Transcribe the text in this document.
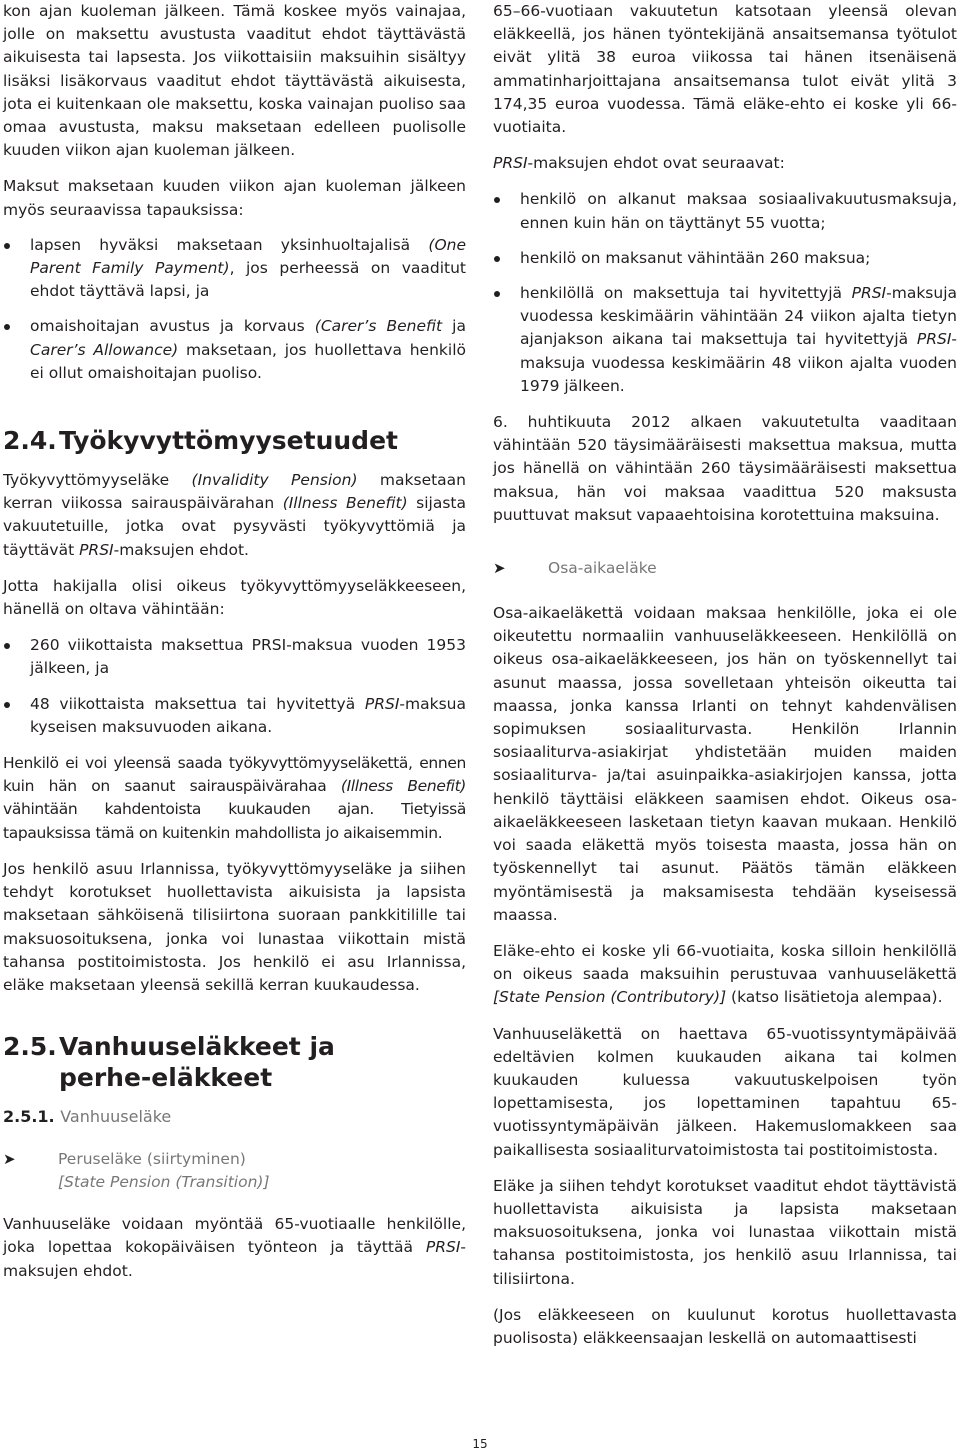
kon ajan kuoleman jälkeen. Tämä koskee myös vainajaa, jolle on maksettu avustusta vaaditut ehdot täyttävästä aikuisesta tai lapsesta. Jos viikottaisiin maksuihin sisältyy lisäksi lisäkorvaus vaaditut ehdot täyttävästä aikuisesta, jota ei kuitenkaan ole maksettu, koska vainajan puoliso saa omaa avustusta, maksu maksetaan edelleen puolisolle kuuden viikon ajan kuoleman jälkeen.

Maksut maksetaan kuuden viikon ajan kuoleman jälkeen myös seuraavissa tapauksissa:

lapsen hyväksi maksetaan yksinhuoltajalisä (One Parent Family Payment), jos perheessä on vaaditut ehdot täyttävä lapsi, ja
omaishoitajan avustus ja korvaus (Carer’s Benefit ja Carer’s Allowance) maksetaan, jos huollettava henkilö ei ollut omaishoitajan puoliso.
2.4.Työkyvyttömyysetuudet

Työkyvyttömyyseläke (Invalidity Pension) maksetaan kerran viikossa sairauspäivärahan (Illness Benefit) sijasta vakuutetuille, jotka ovat pysyvästi työkyvyttömiä ja täyttävät PRSI-maksujen ehdot.

Jotta hakijalla olisi oikeus työkyvyttömyyseläkkeeseen, hänellä on oltava vähintään:

260 viikottaista maksettua PRSI-maksua vuoden 1953 jälkeen, ja
48 viikottaista maksettua tai hyvitettyä PRSI-maksua kyseisen maksuvuoden aikana.

Henkilö ei voi yleensä saada työkyvyttömyyseläkettä, ennen kuin hän on saanut sairauspäivärahaa (Illness Benefit) vähintään kahdentoista kuukauden ajan. Tietyissä tapauksissa tämä on kuitenkin mahdollista jo aikaisemmin.

Jos henkilö asuu Irlannissa, työkyvyttömyyseläke ja siihen tehdyt korotukset huollettavista aikuisista ja lapsista maksetaan sähköisenä tilisiirtona suoraan pankkitilille tai maksuosoituksena, jonka voi lunastaa viikottain mistä tahansa postitoimistosta. Jos henkilö ei asu Irlannissa, eläke maksetaan yleensä sekillä kerran kuukaudessa.

2.5. Vanhuuseläkkeet ja perhe-eläkkeet
2.5.1. Vanhuuseläke
➤	Peruseläke (siirtyminen)
[State Pension (Transition)]

Vanhuuseläke voidaan myöntää 65-vuotiaalle henkilölle, joka lopettaa kokopäiväisen työnteon ja täyttää PRSI-maksujen ehdot.

65–66-vuotiaan vakuutetun katsotaan yleensä olevan eläkkeellä, jos hänen työntekijänä ansaitsemansa työtulot eivät ylitä 38 euroa viikossa tai hänen itsenäisenä ammatinharjoittajana ansaitsemansa tulot eivät ylitä 3 174,35 euroa vuodessa. Tämä eläke-ehto ei koske yli 66-vuotiaita.

PRSI-maksujen ehdot ovat seuraavat:

henkilö on alkanut maksaa sosiaalivakuutusmaksuja, ennen kuin hän on täyttänyt 55 vuotta;
henkilö on maksanut vähintään 260 maksua;
henkilöllä on maksettuja tai hyvitettyjä PRSI-maksuja vuodessa keskimäärin vähintään 24 viikon ajalta tietyn ajanjakson aikana tai maksettuja tai hyvitettyjä PRSI-maksuja vuodessa keskimäärin 48 viikon ajalta vuoden 1979 jälkeen.

6. huhtikuuta 2012 alkaen vakuutetulta vaaditaan vähintään 520 täysimääräisesti maksettua maksua, mutta jos hänellä on vähintään 260 täysimääräisesti maksettua maksua, hän voi maksaa vaadittua 520 maksusta puuttuvat maksut vapaaehtoisina korotettuina maksuina.

➤	Osa-aikaeläke

Osa-aikaeläkettä voidaan maksaa henkilölle, joka ei ole oikeutettu normaaliin vanhuuseläkkeeseen. Henkilöllä on oikeus osa-aikaeläkkeeseen, jos hän on työskennellyt tai asunut maassa, jossa sovelletaan yhteisön oikeutta tai maassa, jonka kanssa Irlanti on tehnyt kahdenvälisen sopimuksen sosiaaliturvasta. Henkilön Irlannin sosiaaliturva-asiakirjat yhdistetään muiden maiden sosiaaliturva- ja/tai asuinpaikka-asiakirjojen kanssa, jotta henkilö täyttäisi eläkkeen saamisen ehdot. Oikeus osa-aikaeläkkeeseen lasketaan tietyn kaavan mukaan. Henkilö voi saada eläkettä myös toisesta maasta, jossa hän on työskennellyt tai asunut. Päätös tämän eläkkeen myöntämisestä ja maksamisesta tehdään kyseisessä maassa.

Eläke-ehto ei koske yli 66-vuotiaita, koska silloin henkilöllä on oikeus saada maksuihin perustuvaa vanhuuseläkettä [State Pension (Contributory)] (katso lisätietoja alempaa).

Vanhuuseläkettä on haettava 65-vuotissyntymäpäivää edeltävien kolmen kuukauden aikana tai kolmen kuukauden kuluessa vakuutuskelpoisen työn lopettamisesta, jos lopettaminen tapahtuu 65-vuotissyntymäpäivän jälkeen. Hakemuslomakkeen saa paikallisesta sosiaaliturvatoimistosta tai postitoimistosta.

Eläke ja siihen tehdyt korotukset vaaditut ehdot täyttävistä huollettavista aikuisista ja lapsista maksetaan maksuosoituksena, jonka voi lunastaa viikottain mistä tahansa postitoimistosta, jos henkilö asuu Irlannissa, tai tilisiirtona.

(Jos eläkkeeseen on kuulunut korotus huollettavasta puolisosta) eläkkeensaajan leskellä on automaattisesti

15
